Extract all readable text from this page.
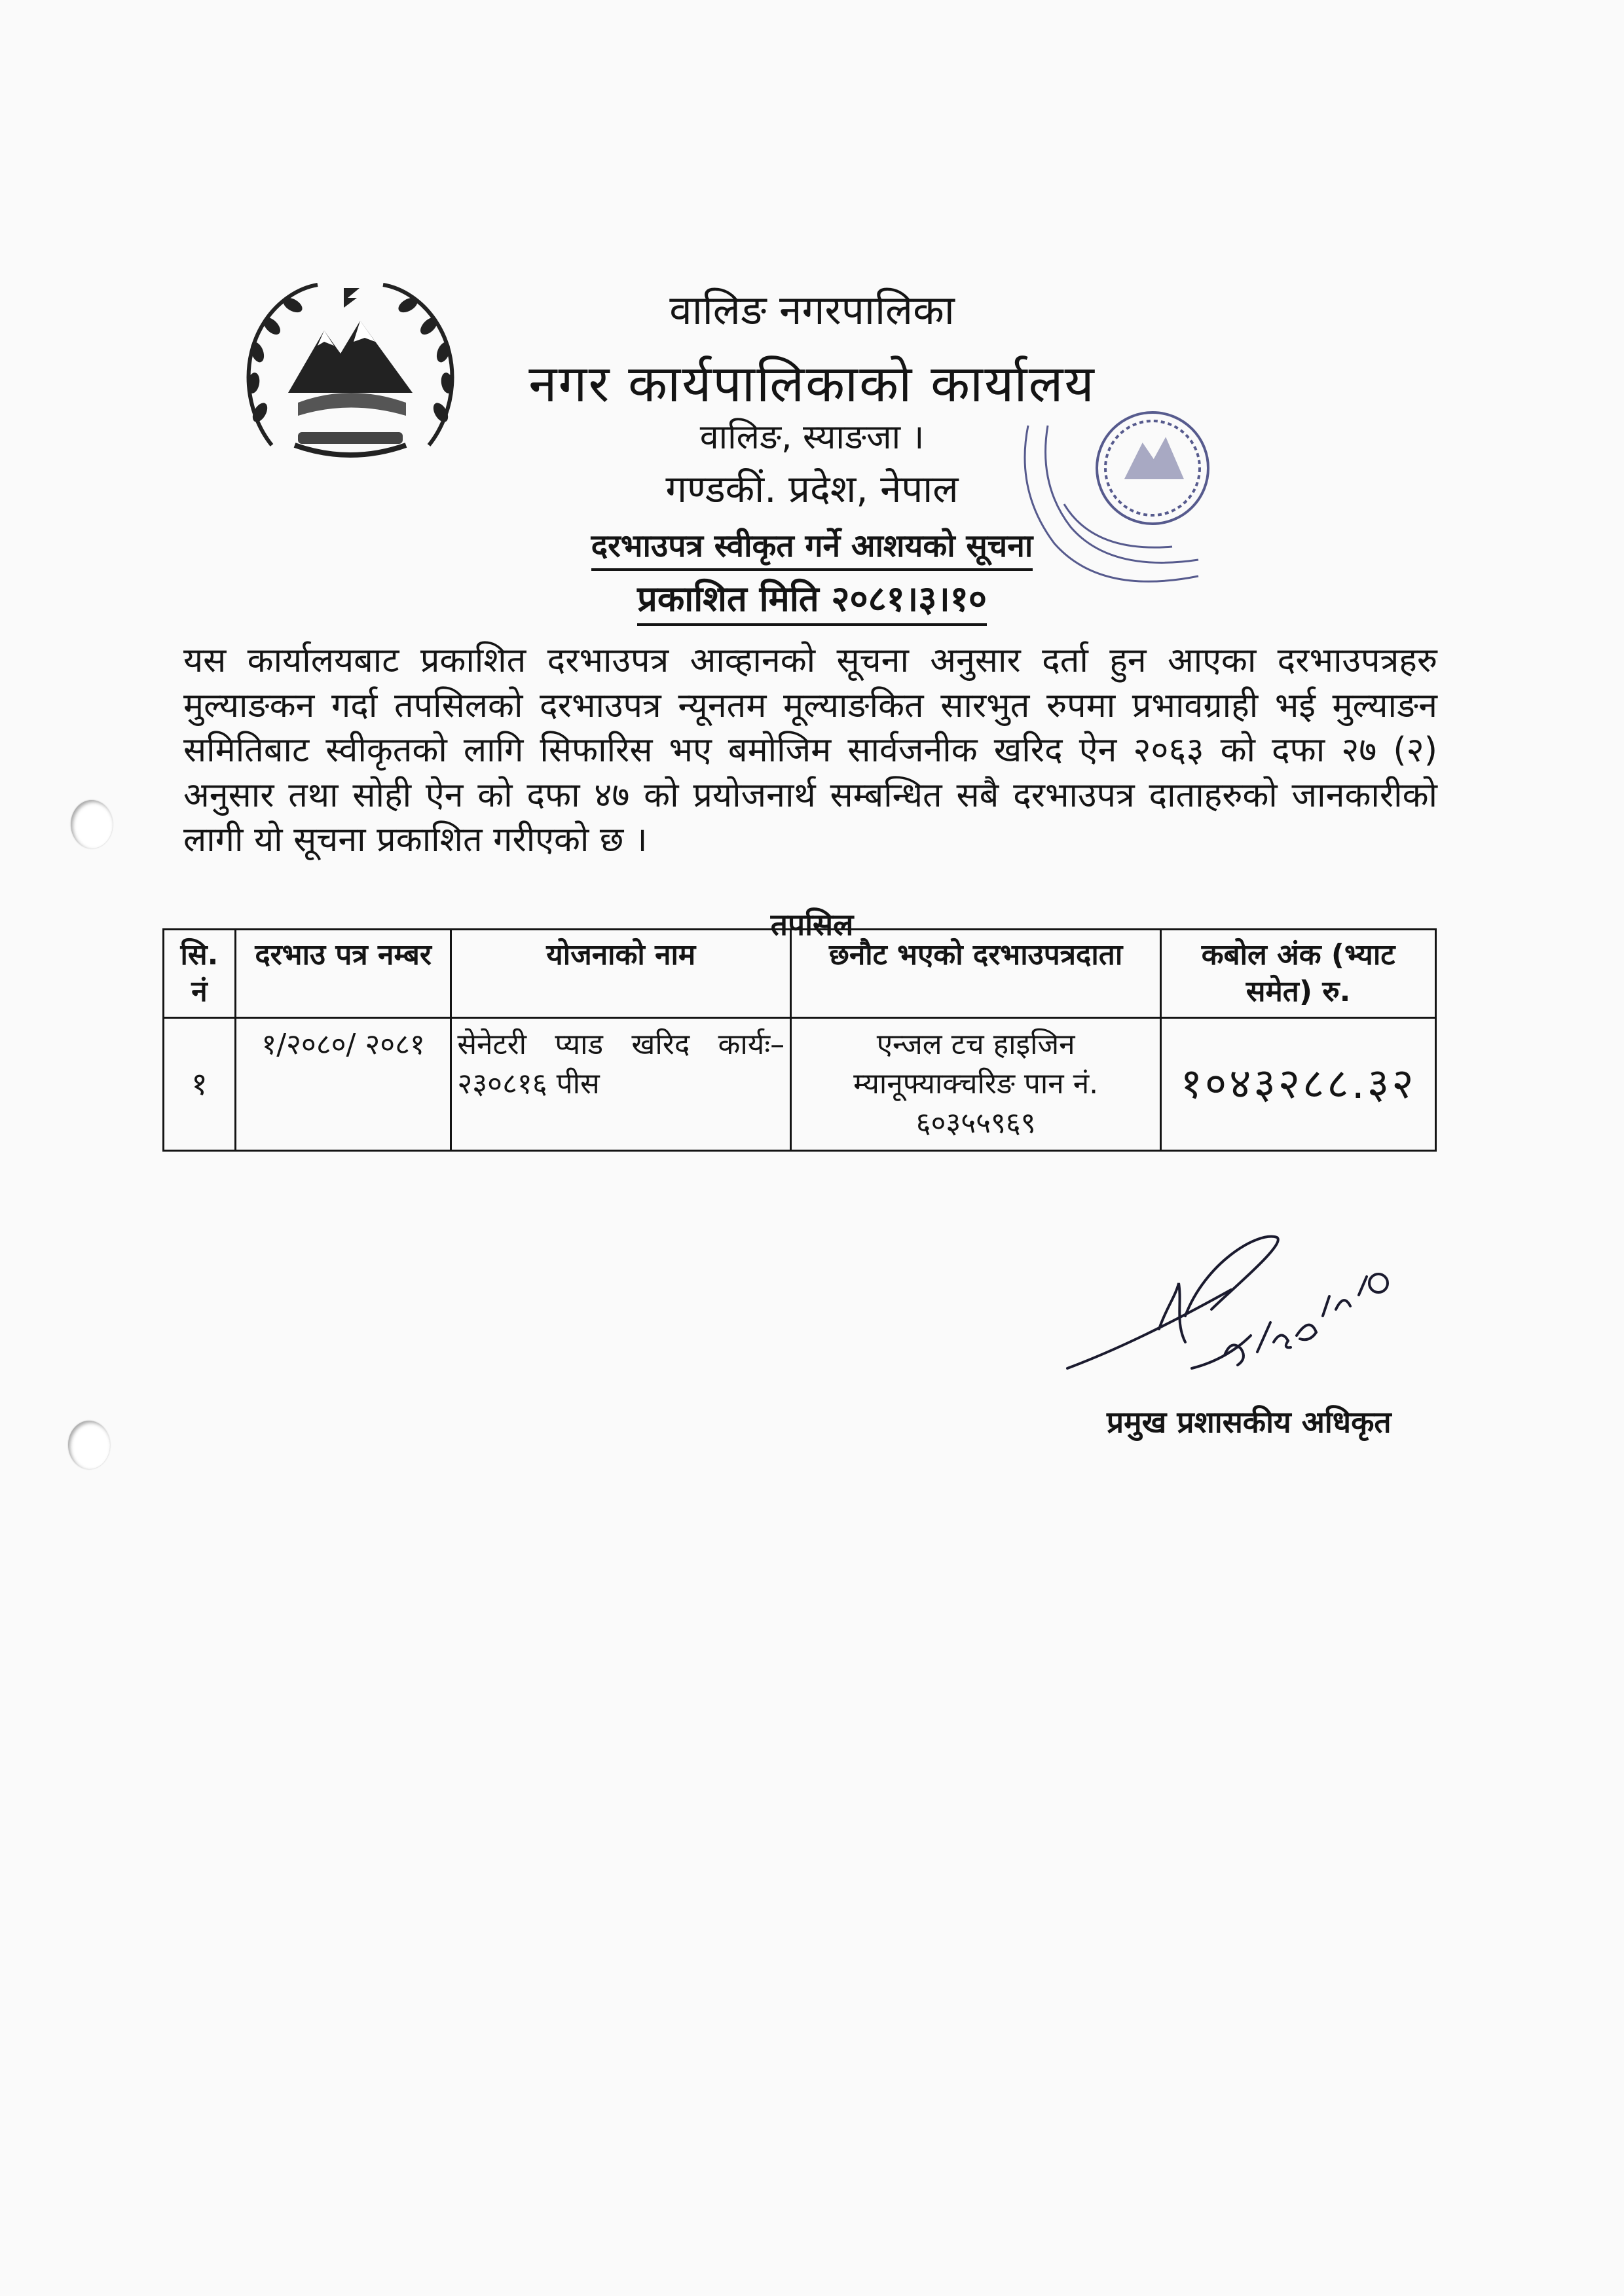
वालिङ नगरपालिका
नगर कार्यपालिकाको कार्यालय
वालिङ, स्याङजा ।
गण्डकीं. प्रदेश, नेपाल
दरभाउपत्र स्वीकृत गर्ने आशयको सूचना
प्रकाशित मिति २०८१।३।१०
यस कार्यालयबाट प्रकाशित दरभाउपत्र आव्हानको सूचना अनुसार दर्ता हुन आएका दरभाउपत्रहरु मुल्याङकन गर्दा तपसिलको दरभाउपत्र न्यूनतम मूल्याङकित सारभुत रुपमा प्रभावग्राही भई मुल्याङन समितिबाट स्वीकृतको लागि सिफारिस भए बमोजिम सार्वजनीक खरिद ऐन २०६३ को दफा २७ (२) अनुसार तथा सोही ऐन को दफा ४७ को प्रयोजनार्थ सम्बन्धित सबै दरभाउपत्र दाताहरुको जानकारीको लागी यो सूचना प्रकाशित गरीएको छ ।
तपसिल
सि. नं	दरभाउ पत्र नम्बर	योजनाको नाम	छनौट भएको दरभाउपत्रदाता	कबोल अंक (भ्याट समेत) रु.
१	१/२०८०/ २०८१	सेनेटरी प्याड खरिद कार्यः– २३०८१६ पीस	एन्जल टच हाइजिन म्यानूफ्याक्चरिङ पान नं. ६०३५५९६९	१०४३२८८.३२
प्रमुख प्रशासकीय अधिकृत
